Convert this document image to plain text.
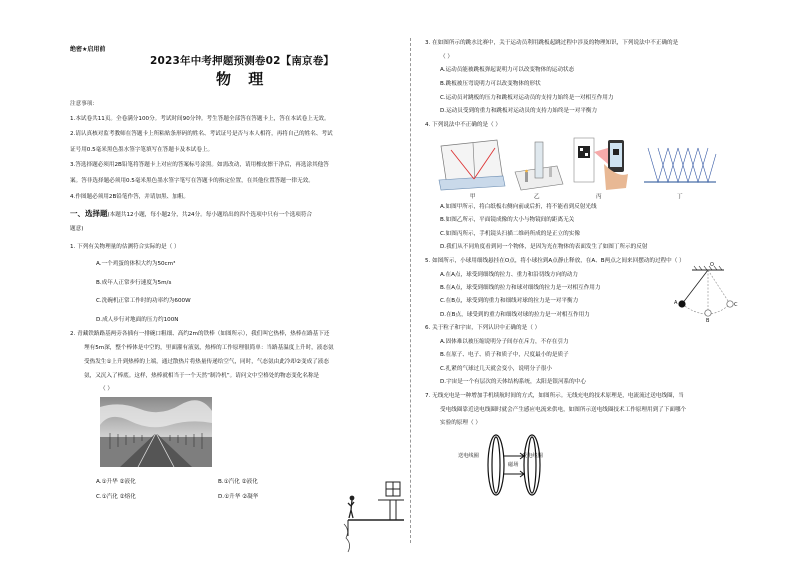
绝密★启用前
2023年中考押题预测卷02【南京卷】
物 理
注意事项：
1.本试卷共11页。全卷满分100分。考试时间90分钟。考生答题全部答在答题卡上，答在本试卷上无效。
2.请认真核对监考教师在答题卡上所粘贴条形码的姓名、考试证号是否与本人相符，再将自己的姓名、考试
证号用0.5毫米黑色墨水签字笔填写在答题卡及本试卷上。
3.答选择题必须用2B铅笔将答题卡上对应的答案标号涂黑。如需改动，请用橡皮擦干净后，再选涂其他答
案。答非选择题必须用0.5毫米黑色墨水签字笔写在答题卡的指定位置，在其他位置答题一律无效。
4.作图题必须用2B铅笔作答，并请加黑、加粗。
一、选择题(本题共12小题，每小题2分，共24分。每小题给出的四个选项中只有一个选项符合
题意)
1. 下列有关物理量的估测符合实际的是（ ）
A.一个鸡蛋的体积大约为50cm³
B.成年人正常步行速度为5m/s
C.洗碗机正常工作时的功率约为600W
D.成人步行对地面的压力约100N
2. 青藏铁路路基两旁各插有一排碗口粗细、高约2m的铁棒（如图所示），我们叫它热棒，热棒在路基下还
埋有5m深，整个棒体是中空的，里面灌有液氨，热棒的工作原理很简单：当路基温度上升时，液态氨
受热发生①上升到热棒的上端，通过散热片将热量传递给空气，同时，气态氨由此冷却②变成了液态
氨，又沉入了棒底。这样，热棒就相当于一个天然“制冷机”。请问文中空格处的物态变化名称是
（ ）
A.①升华 ②液化	B.①汽化 ②液化
C.①汽化 ②熔化	D.①升华 ②凝华
3. 在如图所示的跳水比赛中，关于运动员利用跳板起跳过程中涉及的物理知识，下列说法中不正确的是
（ ）
A.运动员能被跳板弹起说明力可以改变物体的运动状态
B.跳板被压弯说明力可以改变物体的形状
C.运动员对跳板的压力和跳板对运动员的支持力始终是一对相互作用力
D.运动员受到的重力和跳板对运动员的支持力始终是一对平衡力
4. 下列说法中不正确的是（ ）
甲	乙	丙	丁
A.如图甲所示，将白纸板右侧向前或后折，将不能看到反射光线
B.如图乙所示，平面镜成像的大小与物镜间的距离无关
C.如图丙所示，手机镜头扫描二维码所成的是正立的实像
D.我们从不同角度看到同一个物体，是因为光在物体的表面发生了如图丁所示的反射
5. 如图所示，小球用细线悬挂在O点，将小球拉到A点静止释放，在A、B两点之间来回摆动的过程中（ ）
A.在A点，球受到细线的拉力、重力和沿切线方向的动力
B.在A点，球受到细线的拉力和球对细线的拉力是一对相互作用力
C.在B点，球受到的重力和细线对球的拉力是一对平衡力
D.在B点，球受到的重力和细线对球的拉力是一对相互作用力
O
A
B
C
6. 关于粒子和宇宙，下列认识中正确的是（ ）
A.固体难以被压缩说明分子间存在斥力，不存在引力
B.在原子、电子、质子和质子中，尺度最小的是质子
C.扎紧的气球过几天就会变小，说明分子很小
D.宇宙是一个有层次的天体结构系统，太阳是银河系的中心
7. 无线充电是一种增加手机续航时间的方式，如图所示。无线充电的技术原理是，电流流过送电线圈，当
受电线圈靠近送电线圈时就会产生感应电流来供电，如图所示送电线圈技术工作原理用到了下面哪个
实验的原理（ ）
送电线圈
磁场
受电线圈
